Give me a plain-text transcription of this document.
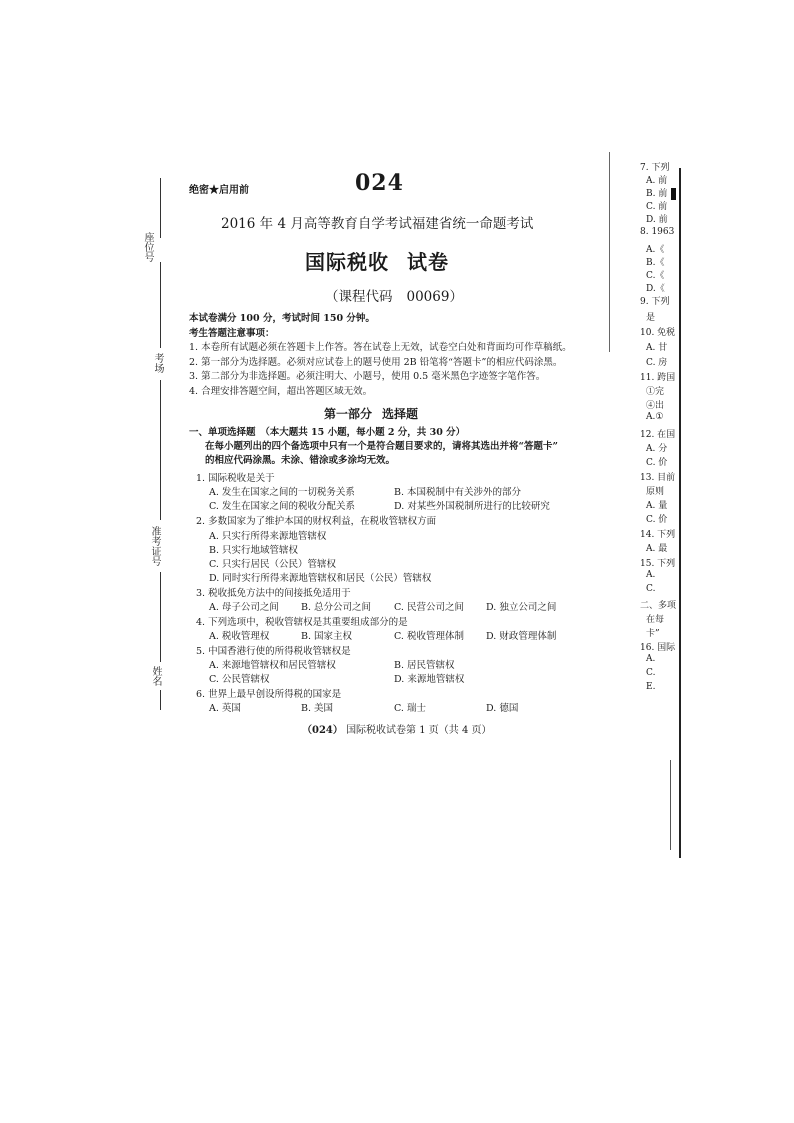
座位号
考场
准考证号
姓名
绝密★启用前	024
2016 年 4 月高等教育自学考试福建省统一命题考试
国际税收 试卷
（课程代码 00069）
本试卷满分 100 分，考试时间 150 分钟。
考生答题注意事项：
1. 本卷所有试题必须在答题卡上作答。答在试卷上无效，试卷空白处和背面均可作草稿纸。
2. 第一部分为选择题。必须对应试卷上的题号使用 2B 铅笔将“答题卡”的相应代码涂黑。
3. 第二部分为非选择题。必须注明大、小题号，使用 0.5 毫米黑色字迹签字笔作答。
4. 合理安排答题空间，超出答题区域无效。
第一部分 选择题
一、单项选择题　（本大题共 15 小题，每小题 2 分，共 30 分）
在每小题列出的四个备选项中只有一个是符合题目要求的，请将其选出并将“答题卡”
的相应代码涂黑。未涂、错涂或多涂均无效。
1. 国际税收是关于
A. 发生在国家之间的一切税务关系	B. 本国税制中有关涉外的部分
C. 发生在国家之间的税收分配关系	D. 对某些外国税制所进行的比较研究
2. 多数国家为了维护本国的财权利益，在税收管辖权方面
A. 只实行所得来源地管辖权
B. 只实行地域管辖权
C. 只实行居民（公民）管辖权
D. 同时实行所得来源地管辖权和居民（公民）管辖权
3. 税收抵免方法中的间接抵免适用于
A. 母子公司之间 B. 总分公司之间 C. 民营公司之间 D. 独立公司之间
4. 下列选项中，税收管辖权是其重要组成部分的是
A. 税收管理权	B. 国家主权	C. 税收管理体制 D. 财政管理体制
5. 中国香港行使的所得税收管辖权是
A. 来源地管辖权和居民管辖权	B. 居民管辖权
C. 公民管辖权	D. 来源地管辖权
6. 世界上最早创设所得税的国家是
A. 英国	B. 美国	C. 瑞士	D. 德国
（024） 国际税收试卷第 1 页（共 4 页）
7. 下列
A. 前
B. 前
C. 前
D. 前
8. 1963
A.《
B.《
C.《
D.《
9. 下列
是
10. 免税
A. 甘
C. 房
11. 跨国
①完
④出
A.①
12. 在国
A. 分
C. 价
13. 目前
原则
A. 量
C. 价
14. 下列
A. 最
15. 下列
A.
C.
二、多项
在每
卡”
16. 国际
A.
C.
E.
